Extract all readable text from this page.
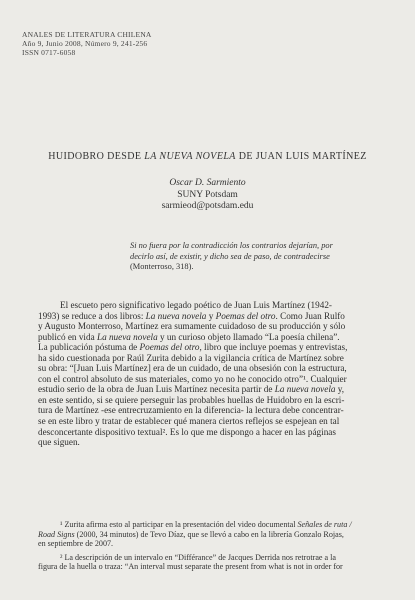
ANALES DE LITERATURA CHILENA
Año 9, Junio 2008, Número 9, 241-256
ISSN 0717-6058
HUIDOBRO DESDE LA NUEVA NOVELA DE JUAN LUIS MARTÍNEZ
Oscar D. Sarmiento
SUNY Potsdam
sarmieod@potsdam.edu
Si no fuera por la contradicción los contrarios dejarían, por
decirlo así, de existir, y dicho sea de paso, de contradecirse
(Monterroso, 318).
El escueto pero significativo legado poético de Juan Luis Martínez (1942-
1993) se reduce a dos libros: La nueva novela y Poemas del otro. Como Juan Rulfo
y Augusto Monterroso, Martínez era sumamente cuidadoso de su producción y sólo
publicó en vida La nueva novela y un curioso objeto llamado “La poesía chilena”.
La publicación póstuma de Poemas del otro, libro que incluye poemas y entrevistas,
ha sido cuestionada por Raúl Zurita debido a la vigilancia crítica de Martínez sobre
su obra: “[Juan Luis Martínez] era de un cuidado, de una obsesión con la estructura,
con el control absoluto de sus materiales, como yo no he conocido otro”¹. Cualquier
estudio serio de la obra de Juan Luis Martínez necesita partir de La nueva novela y,
en este sentido, si se quiere perseguir las probables huellas de Huidobro en la escri-
tura de Martínez -ese entrecruzamiento en la diferencia- la lectura debe concentrar-
se en este libro y tratar de establecer qué manera ciertos reflejos se espejean en tal
desconcertante dispositivo textual². Es lo que me dispongo a hacer en las páginas
que siguen.
¹ Zurita afirma esto al participar en la presentación del video documental Señales de ruta /
Road Signs (2000, 34 minutos) de Tevo Díaz, que se llevó a cabo en la librería Gonzalo Rojas,
en septiembre de 2007.
² La descripción de un intervalo en “Différance” de Jacques Derrida nos retrotrae a la
figura de la huella o traza: “An interval must separate the present from what is not in order for
